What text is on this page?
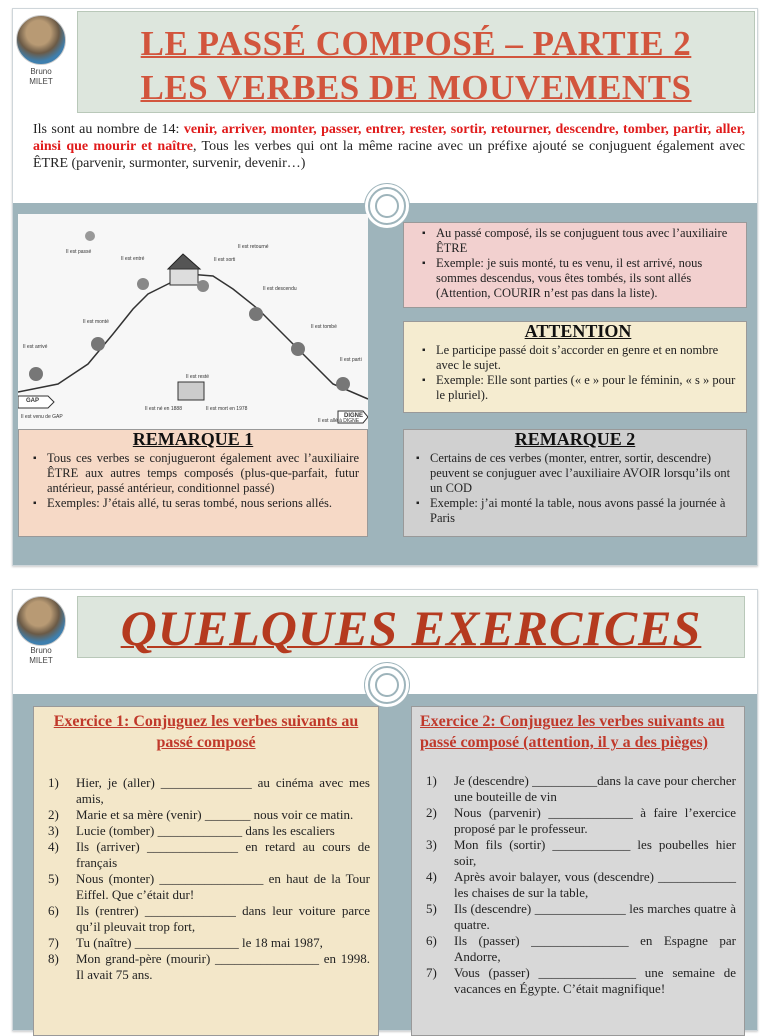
Bruno
MILET
LE PASSÉ COMPOSÉ – PARTIE 2
LES VERBES DE MOUVEMENTS
Ils sont au nombre de 14: venir, arriver, monter, passer, entrer, rester, sortir, retourner, descendre, tomber, partir, aller, ainsi que mourir et naître, Tous les verbes qui ont la même racine avec un préfixe ajouté se conjuguent également avec ÊTRE (parvenir, surmonter, survenir, devenir…)
Il est passé
Il est entré
Il est retourné
Il est sorti
Il est descendu
Il est monté
Il est tombé
Il est arrivé
Il est parti
Il est resté
Il est venu de GAP
Il est né en 1888	Il est mort en 1978
Il est allé à DIGNE
GAP
DIGNE
▪ Au passé composé, ils se conjuguent tous avec l’auxiliaire ÊTRE
▪ Exemple: je suis monté, tu es venu, il est arrivé, nous sommes descendus, vous êtes tombés, ils sont allés (Attention, COURIR n’est pas dans la liste).
ATTENTION
▪ Le participe passé doit s’accorder en genre et en nombre avec le sujet.
▪ Exemple: Elle sont parties (« e » pour le féminin, « s » pour le pluriel).
REMARQUE 1
▪ Tous ces verbes se conjugueront également avec l’auxiliaire ÊTRE aux autres temps composés (plus-que-parfait, futur antérieur, passé antérieur, conditionnel passé)
▪ Exemples: J’étais allé, tu seras tombé, nous serions allés.
REMARQUE 2
▪ Certains de ces verbes (monter, entrer, sortir, descendre) peuvent se conjuguer avec l’auxiliaire AVOIR lorsqu’ils ont un COD
▪ Exemple: j’ai monté la table, nous avons passé la journée à Paris
Bruno
MILET
QUELQUES EXERCICES
Exercice 1: Conjuguez les verbes suivants au passé composé
1) Hier, je (aller) ______________ au cinéma avec mes amis,
2) Marie et sa mère (venir) _______ nous voir ce matin.
3) Lucie (tomber) _____________ dans les escaliers
4) Ils (arriver) ______________ en retard au cours de français
5) Nous (monter) ________________ en haut de la Tour Eiffel. Que c’était dur!
6) Ils (rentrer) ______________ dans leur voiture parce qu’il pleuvait trop fort,
7) Tu (naître) ________________ le 18 mai 1987,
8) Mon grand-père (mourir) ________________ en 1998. Il avait 75 ans.
Exercice 2: Conjuguez les verbes suivants au passé composé (attention, il y a des pièges)
1) Je (descendre) __________dans la cave pour chercher une bouteille de vin
2) Nous (parvenir) _____________ à faire l’exercice proposé par le professeur.
3) Mon fils (sortir) ____________ les poubelles hier soir,
4) Après avoir balayer, vous (descendre) ____________ les chaises de sur la table,
5) Ils (descendre) ______________ les marches quatre à quatre.
6) Ils (passer) _______________ en Espagne par Andorre,
7) Vous (passer) _______________ une semaine de vacances en Égypte. C’était magnifique!
